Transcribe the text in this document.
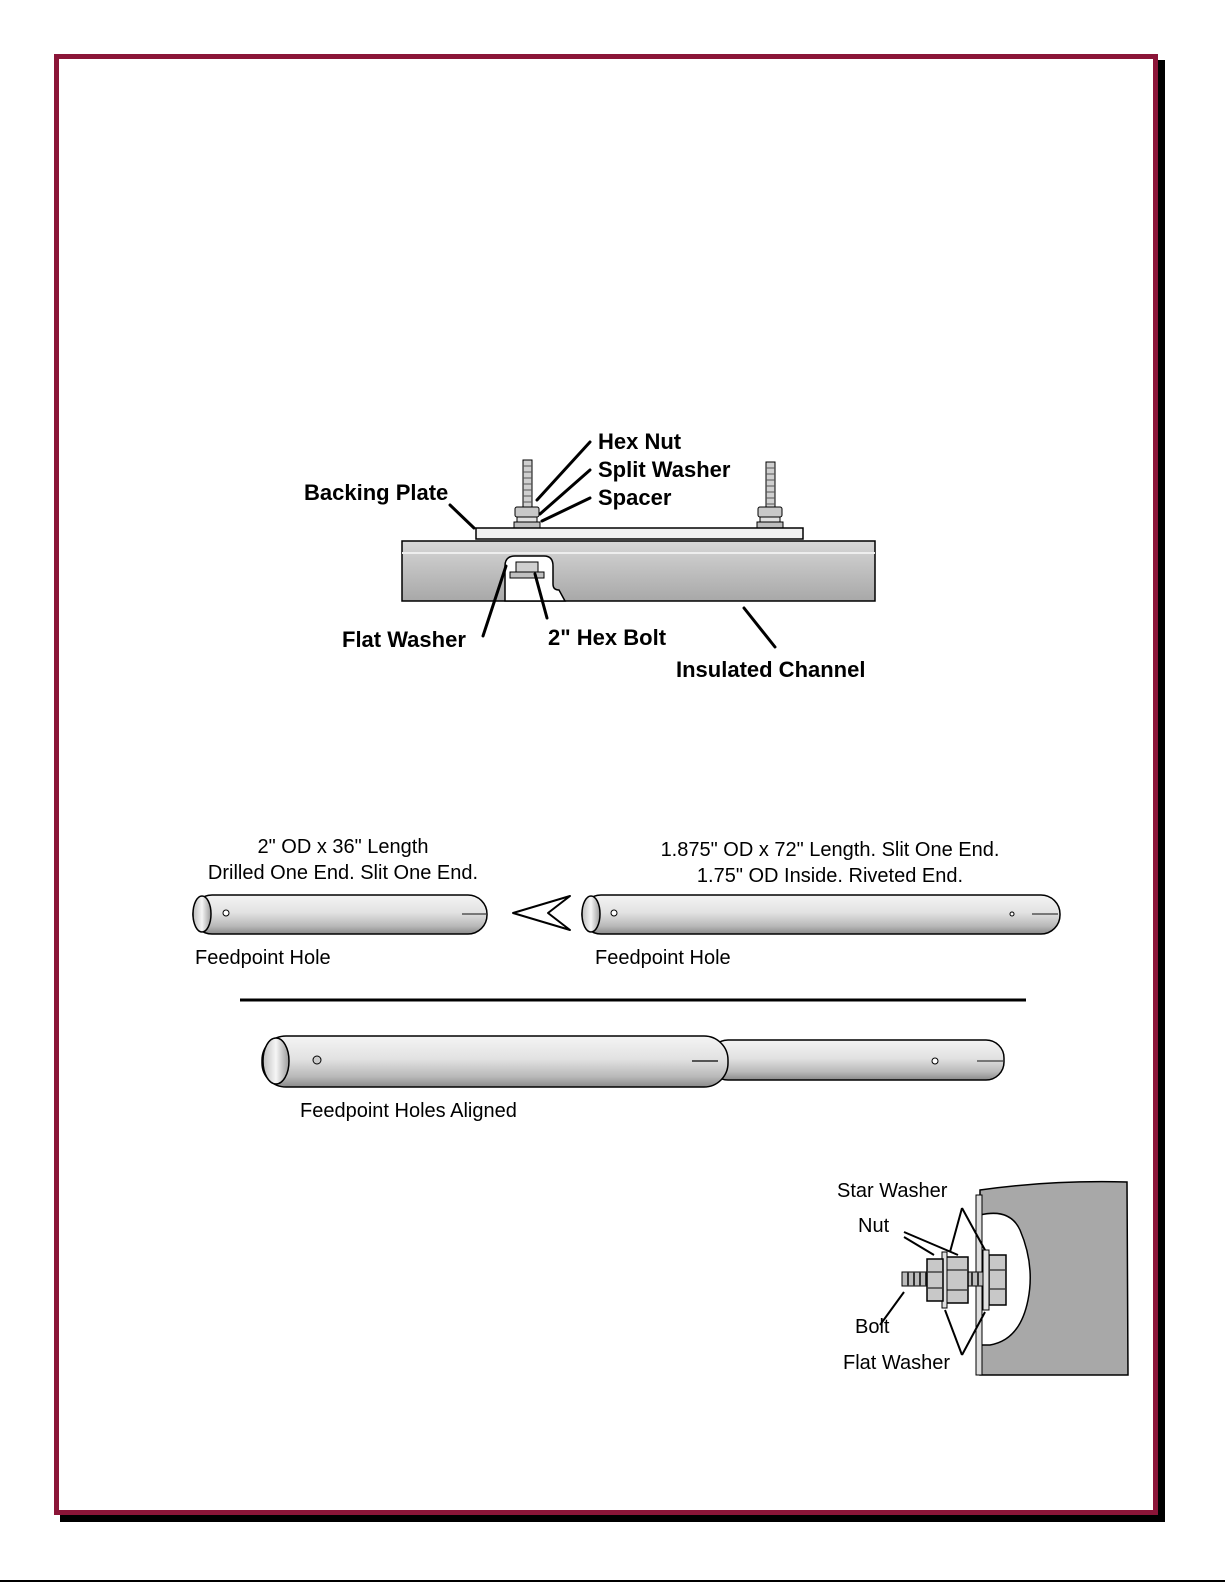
Hex Nut
Split Washer
Spacer
Backing Plate
Flat Washer	2" Hex Bolt
Insulated Channel
2" OD x 36" Length
Drilled One End. Slit One End.
1.875" OD x 72" Length. Slit One End.
1.75" OD Inside. Riveted End.
Feedpoint Hole	Feedpoint Hole
Feedpoint Holes Aligned
Star Washer
Nut
Bolt
Flat Washer
